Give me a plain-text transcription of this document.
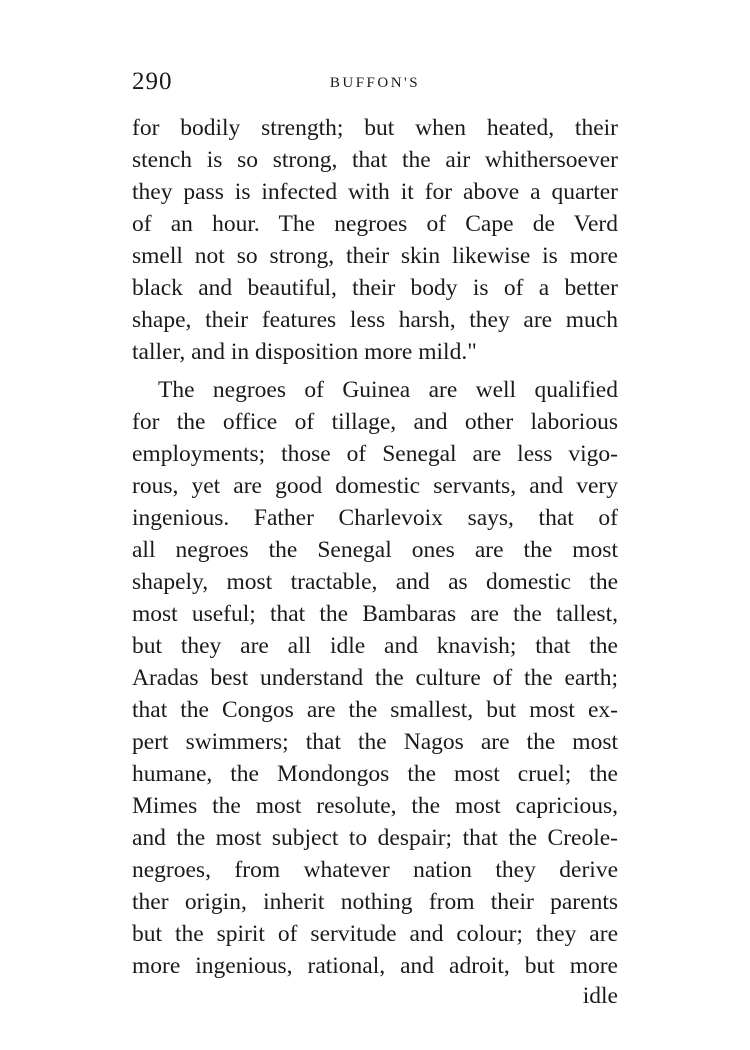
290	BUFFON'S
for bodily strength; but when heated, their
stench is so strong, that the air whithersoever
they pass is infected with it for above a quarter
of an hour. The negroes of Cape de Verd
smell not so strong, their skin likewise is more
black and beautiful, their body is of a better
shape, their features less harsh, they are much
taller, and in disposition more mild."
The negroes of Guinea are well qualified
for the office of tillage, and other laborious
employments; those of Senegal are less vigo-
rous, yet are good domestic servants, and very
ingenious. Father Charlevoix says, that of
all negroes the Senegal ones are the most
shapely, most tractable, and as domestic the
most useful; that the Bambaras are the tallest,
but they are all idle and knavish; that the
Aradas best understand the culture of the earth;
that the Congos are the smallest, but most ex-
pert swimmers; that the Nagos are the most
humane, the Mondongos the most cruel; the
Mimes the most resolute, the most capricious,
and the most subject to despair; that the Creole-
negroes, from whatever nation they derive
ther origin, inherit nothing from their parents
but the spirit of servitude and colour; they are
more ingenious, rational, and adroit, but more
idle
